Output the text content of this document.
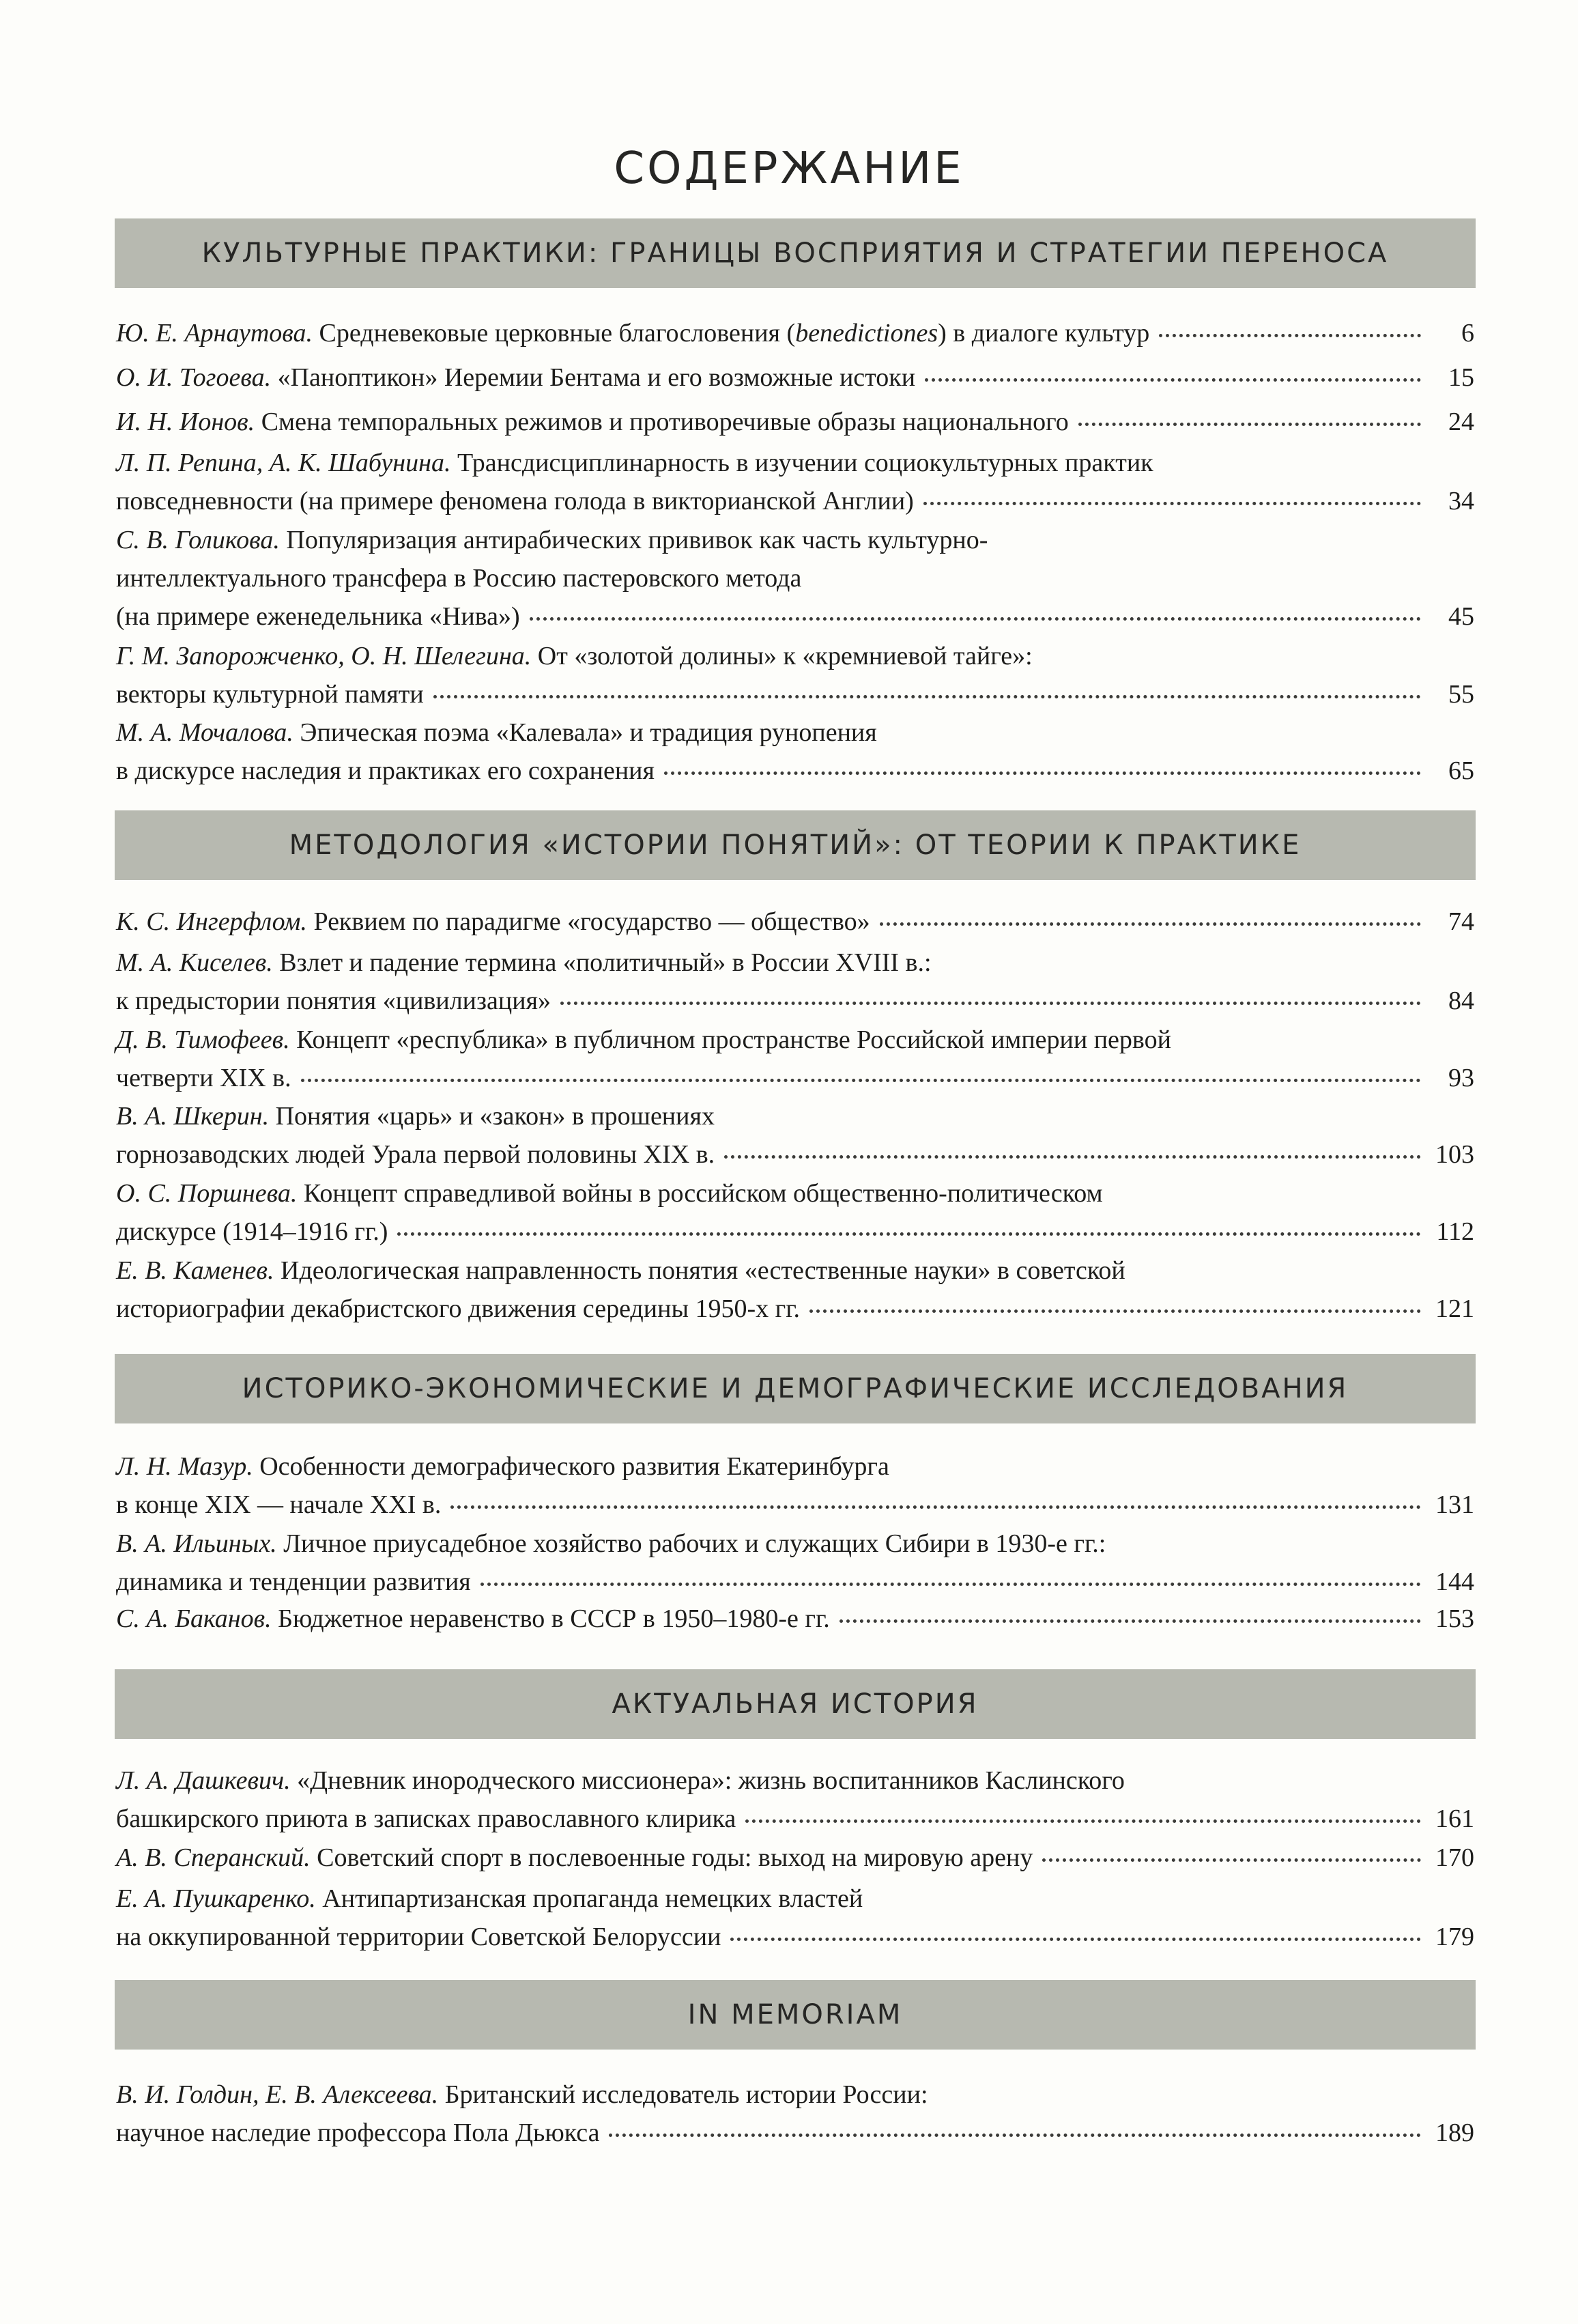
СОДЕРЖАНИЕ
КУЛЬТУРНЫЕ ПРАКТИКИ: ГРАНИЦЫ ВОСПРИЯТИЯ И СТРАТЕГИИ ПЕРЕНОСА
Ю. Е. Арнаутова. Средневековые церковные благословения (benedictiones) в диалоге культур	6
О. И. Тогоева. «Паноптикон» Иеремии Бентама и его возможные истоки	15
И. Н. Ионов. Смена темпоральных режимов и противоречивые образы национального	24
Л. П. Репина, А. К. Шабунина. Трансдисциплинарность в изучении социокультурных практик
повседневности (на примере феномена голода в викторианской Англии)	34
С. В. Голикова. Популяризация антирабических прививок как часть культурно-
интеллектуального трансфера в Россию пастеровского метода
(на примере еженедельника «Нива»)	45
Г. М. Запорожченко, О. Н. Шелегина. От «золотой долины» к «кремниевой тайге»:
векторы культурной памяти	55
М. А. Мочалова. Эпическая поэма «Калевала» и традиция рунопения
в дискурсе наследия и практиках его сохранения	65
МЕТОДОЛОГИЯ «ИСТОРИИ ПОНЯТИЙ»: ОТ ТЕОРИИ К ПРАКТИКЕ
К. С. Ингерфлом. Реквием по парадигме «государство — общество»	74
М. А. Киселев. Взлет и падение термина «политичный» в России XVIII в.:
к предыстории понятия «цивилизация»	84
Д. В. Тимофеев. Концепт «республика» в публичном пространстве Российской империи первой
четверти XIX в.	93
В. А. Шкерин. Понятия «царь» и «закон» в прошениях
горнозаводских людей Урала первой половины XIX в.	103
О. С. Поршнева. Концепт справедливой войны в российском общественно-политическом
дискурсе (1914–1916 гг.)	112
Е. В. Каменев. Идеологическая направленность понятия «естественные науки» в советской
историографии декабристского движения середины 1950-х гг.	121
ИСТОРИКО-ЭКОНОМИЧЕСКИЕ И ДЕМОГРАФИЧЕСКИЕ ИССЛЕДОВАНИЯ
Л. Н. Мазур. Особенности демографического развития Екатеринбурга
в конце XIX — начале XXI в.	131
В. А. Ильиных. Личное приусадебное хозяйство рабочих и служащих Сибири в 1930-е гг.:
динамика и тенденции развития	144
С. А. Баканов. Бюджетное неравенство в СССР в 1950–1980-е гг.	153
АКТУАЛЬНАЯ ИСТОРИЯ
Л. А. Дашкевич. «Дневник инородческого миссионера»: жизнь воспитанников Каслинского
башкирского приюта в записках православного клирика	161
А. В. Сперанский. Советский спорт в послевоенные годы: выход на мировую арену	170
Е. А. Пушкаренко. Антипартизанская пропаганда немецких властей
на оккупированной территории Советской Белоруссии	179
IN MEMORIAM
В. И. Голдин, Е. В. Алексеева. Британский исследователь истории России:
научное наследие профессора Пола Дьюкса	189
